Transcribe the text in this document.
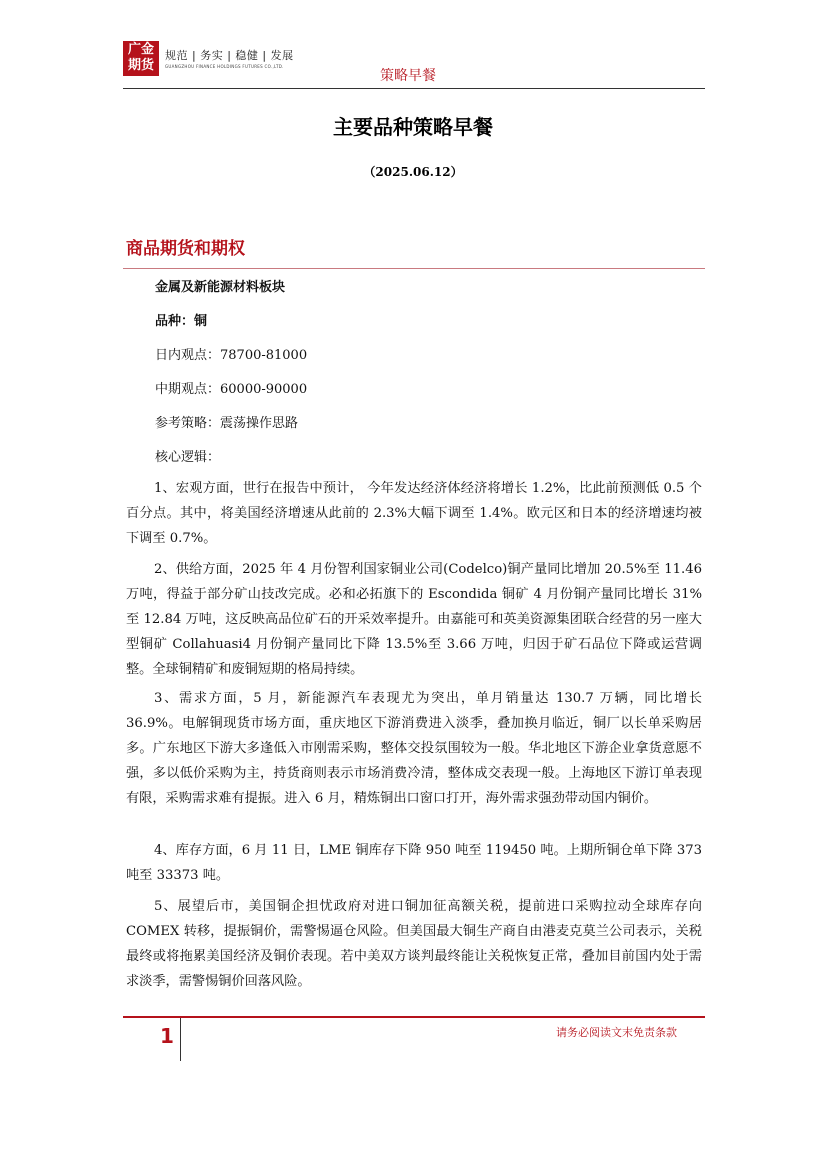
广金
期货
规范 | 务实 | 稳健 | 发展
GUANGZHOU FINANCE HOLDINGS FUTURES CO.,LTD.
策略早餐
主要品种策略早餐
（2025.06.12）
商品期货和期权
金属及新能源材料板块
品种：铜
日内观点：78700-81000
中期观点：60000-90000
参考策略：震荡操作思路
核心逻辑：

1、宏观方面，世行在报告中预计， 今年发达经济体经济将增长 1.2%，比此前预测低 0.5 个百分点。其中，将美国经济增速从此前的 2.3%大幅下调至 1.4%。欧元区和日本的经济增速均被下调至 0.7%。

2、供给方面，2025 年 4 月份智利国家铜业公司(Codelco)铜产量同比增加 20.5%至 11.46 万吨，得益于部分矿山技改完成。必和必拓旗下的 Escondida 铜矿 4 月份铜产量同比增长 31%至 12.84 万吨，这反映高品位矿石的开采效率提升。由嘉能可和英美资源集团联合经营的另一座大型铜矿 Collahuasi4 月份铜产量同比下降 13.5%至 3.66 万吨，归因于矿石品位下降或运营调整。全球铜精矿和废铜短期的格局持续。

3、需求方面，5 月，新能源汽车表现尤为突出，单月销量达 130.7 万辆，同比增长 36.9%。电解铜现货市场方面，重庆地区下游消费进入淡季，叠加换月临近，铜厂以长单采购居多。广东地区下游大多逢低入市刚需采购，整体交投氛围较为一般。华北地区下游企业拿货意愿不强，多以低价采购为主，持货商则表示市场消费冷清，整体成交表现一般。上海地区下游订单表现有限，采购需求难有提振。进入 6 月，精炼铜出口窗口打开，海外需求强劲带动国内铜价。

4、库存方面，6 月 11 日，LME 铜库存下降 950 吨至 119450 吨。上期所铜仓单下降 373 吨至 33373 吨。

5、展望后市，美国铜企担忧政府对进口铜加征高额关税，提前进口采购拉动全球库存向 COMEX 转移，提振铜价，需警惕逼仓风险。但美国最大铜生产商自由港麦克莫兰公司表示，关税最终或将拖累美国经济及铜价表现。若中美双方谈判最终能让关税恢复正常，叠加目前国内处于需求淡季，需警惕铜价回落风险。

1	请务必阅读文末免责条款
